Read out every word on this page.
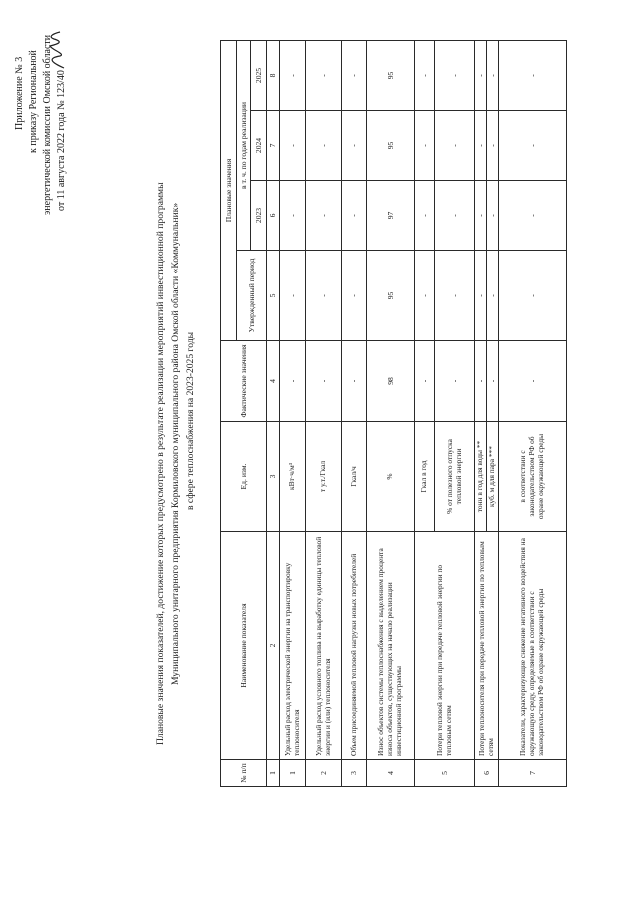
Приложение № 3 к приказу Региональной энергетической комиссии Омской области от 11 августа 2022 года № 123/40
Плановые значения показателей, достижение которых предусмотрено в результате реализации мероприятий инвестиционной программы Муниципального унитарного предприятия Кормиловского муниципального района Омской области «Коммунальник» в сфере теплоснабжения на 2023-2025 годы
№ п/п	Наименование показателя	Ед. изм.	Фактические значения	Плановые значения			
				Утвержденный период	в т. ч. по годам реализации		
					2023	2024	2025
1	2	3	4	5	6	7	8
1	Удельный расход электрической энергии на транспортировку теплоносителя	кВт·ч/м³	-	-	-	-	-
2	Удельный расход условного топлива на выработку единицы тепловой энергии и (или) теплоносителя	т у.т./Гкал	-	-	-	-	-
3	Объем присоединяемой тепловой нагрузки новых потребителей	Гкал/ч	-	-	-	-	-
4	Износ объектов системы теплоснабжения с выделением процента износа объектов, существующих на начало реализации инвестиционной программы	%	98	95	97	95	95
5	Потери тепловой энергии при передаче тепловой энергии по тепловым сетям	Гкал в год	-	-	-	-	-
		% от полезного отпуска тепловой энергии	-	-	-	-	-
6	Потери теплоносителя при передаче тепловой энергии по тепловым сетям	тонн в год для воды **	-	-	-	-	-
		куб. м для пара ***	-	-	-	-	-
7	Показатели, характеризующие снижение негативного воздействия на окружающую среду, определяемые в соответствии с законодательством РФ об охране окружающей среды	в соответствии с законодательством РФ об охране окружающей среды	-	-	-	-	-
